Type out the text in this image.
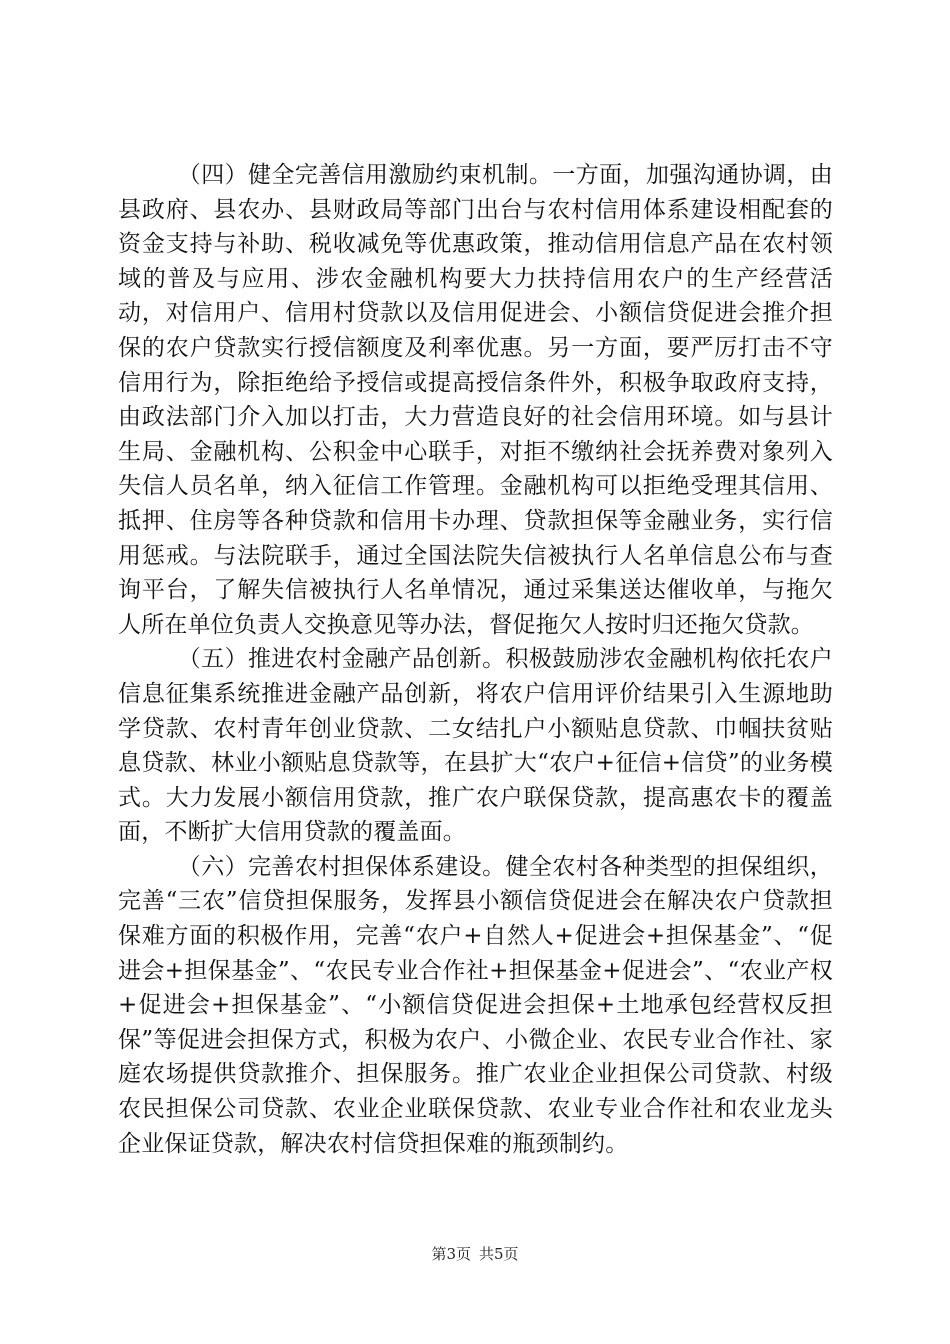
（四）健全完善信用激励约束机制。一方面，加强沟通协调，由县政府、县农办、县财政局等部门出台与农村信用体系建设相配套的资金支持与补助、税收减免等优惠政策，推动信用信息产品在农村领域的普及与应用、涉农金融机构要大力扶持信用农户的生产经营活动，对信用户、信用村贷款以及信用促进会、小额信贷促进会推介担保的农户贷款实行授信额度及利率优惠。另一方面，要严厉打击不守信用行为，除拒绝给予授信或提高授信条件外，积极争取政府支持，由政法部门介入加以打击，大力营造良好的社会信用环境。如与县计生局、金融机构、公积金中心联手，对拒不缴纳社会抚养费对象列入失信人员名单，纳入征信工作管理。金融机构可以拒绝受理其信用、抵押、住房等各种贷款和信用卡办理、贷款担保等金融业务，实行信用惩戒。与法院联手，通过全国法院失信被执行人名单信息公布与查询平台，了解失信被执行人名单情况，通过采集送达催收单，与拖欠人所在单位负责人交换意见等办法，督促拖欠人按时归还拖欠贷款。

（五）推进农村金融产品创新。积极鼓励涉农金融机构依托农户信息征集系统推进金融产品创新，将农户信用评价结果引入生源地助学贷款、农村青年创业贷款、二女结扎户小额贴息贷款、巾帼扶贫贴息贷款、林业小额贴息贷款等，在县扩大“农户+征信+信贷”的业务模式。大力发展小额信用贷款，推广农户联保贷款，提高惠农卡的覆盖面，不断扩大信用贷款的覆盖面。

（六）完善农村担保体系建设。健全农村各种类型的担保组织，完善“三农”信贷担保服务，发挥县小额信贷促进会在解决农户贷款担保难方面的积极作用，完善“农户+自然人+促进会+担保基金”、“促进会+担保基金”、“农民专业合作社+担保基金+促进会”、“农业产权+促进会+担保基金”、“小额信贷促进会担保+土地承包经营权反担保”等促进会担保方式，积极为农户、小微企业、农民专业合作社、家庭农场提供贷款推介、担保服务。推广农业企业担保公司贷款、村级农民担保公司贷款、农业企业联保贷款、农业专业合作社和农业龙头企业保证贷款，解决农村信贷担保难的瓶颈制约。

第3页 共5页
